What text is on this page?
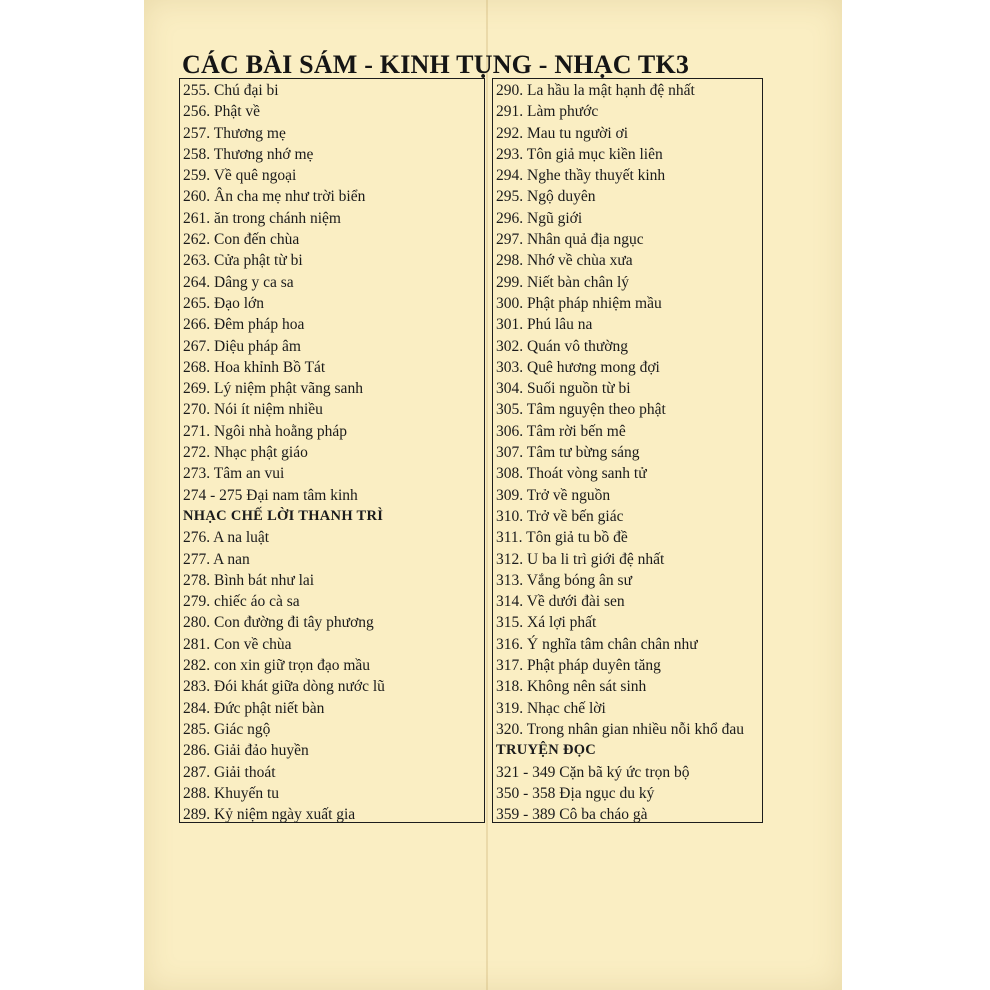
CÁC BÀI SÁM - KINH TỤNG - NHẠC TK3
255. Chú đại bi
256. Phật về
257. Thương mẹ
258. Thương nhớ mẹ
259. Về quê ngoại
260. Ân cha mẹ như trời biển
261. ăn trong chánh niệm
262. Con đến chùa
263. Cửa phật từ bi
264. Dâng y ca sa
265. Đạo lớn
266. Đêm pháp hoa
267. Diệu pháp âm
268. Hoa khỉnh Bồ Tát
269. Lý niệm phật vãng sanh
270. Nói ít niệm nhiều
271. Ngôi nhà hoằng pháp
272. Nhạc phật giáo
273. Tâm an vui
274 - 275 Đại nam tâm kinh
NHẠC CHẾ LỜI THANH TRÌ
276. A na luật
277. A nan
278. Bình bát như lai
279. chiếc áo cà sa
280. Con đường đi tây phương
281. Con về chùa
282. con xin giữ trọn đạo mầu
283. Đói khát giữa dòng nước lũ
284. Đức phật niết bàn
285. Giác ngộ
286. Giải đảo huyền
287. Giải thoát
288. Khuyến tu
289. Kỷ niệm ngày xuất gia
290. La hầu la mật hạnh đệ nhất
291. Làm phước
292. Mau tu người ơi
293. Tôn giả mục kiền liên
294. Nghe thầy thuyết kinh
295. Ngộ duyên
296. Ngũ giới
297. Nhân quả địa ngục
298. Nhớ về chùa xưa
299. Niết bàn chân lý
300. Phật pháp nhiệm mầu
301. Phú lâu na
302. Quán vô thường
303. Quê hương mong đợi
304. Suối nguồn từ bi
305. Tâm nguyện theo phật
306. Tâm rời bến mê
307. Tâm tư bừng sáng
308. Thoát vòng sanh tử
309. Trở về nguồn
310. Trở về bến giác
311. Tôn giả tu bồ đề
312. U ba li trì giới đệ nhất
313. Vắng bóng ân sư
314. Về dưới đài sen
315. Xá lợi phất
316. Ý nghĩa tâm chân chân như
317. Phật pháp duyên tăng
318. Không nên sát sinh
319. Nhạc chế lời
320. Trong nhân gian nhiều nỗi khổ đau
TRUYỆN ĐỌC
321 - 349 Cặn bã ký ức trọn bộ
350 - 358 Địa ngục du ký
359 - 389 Cô ba cháo gà
